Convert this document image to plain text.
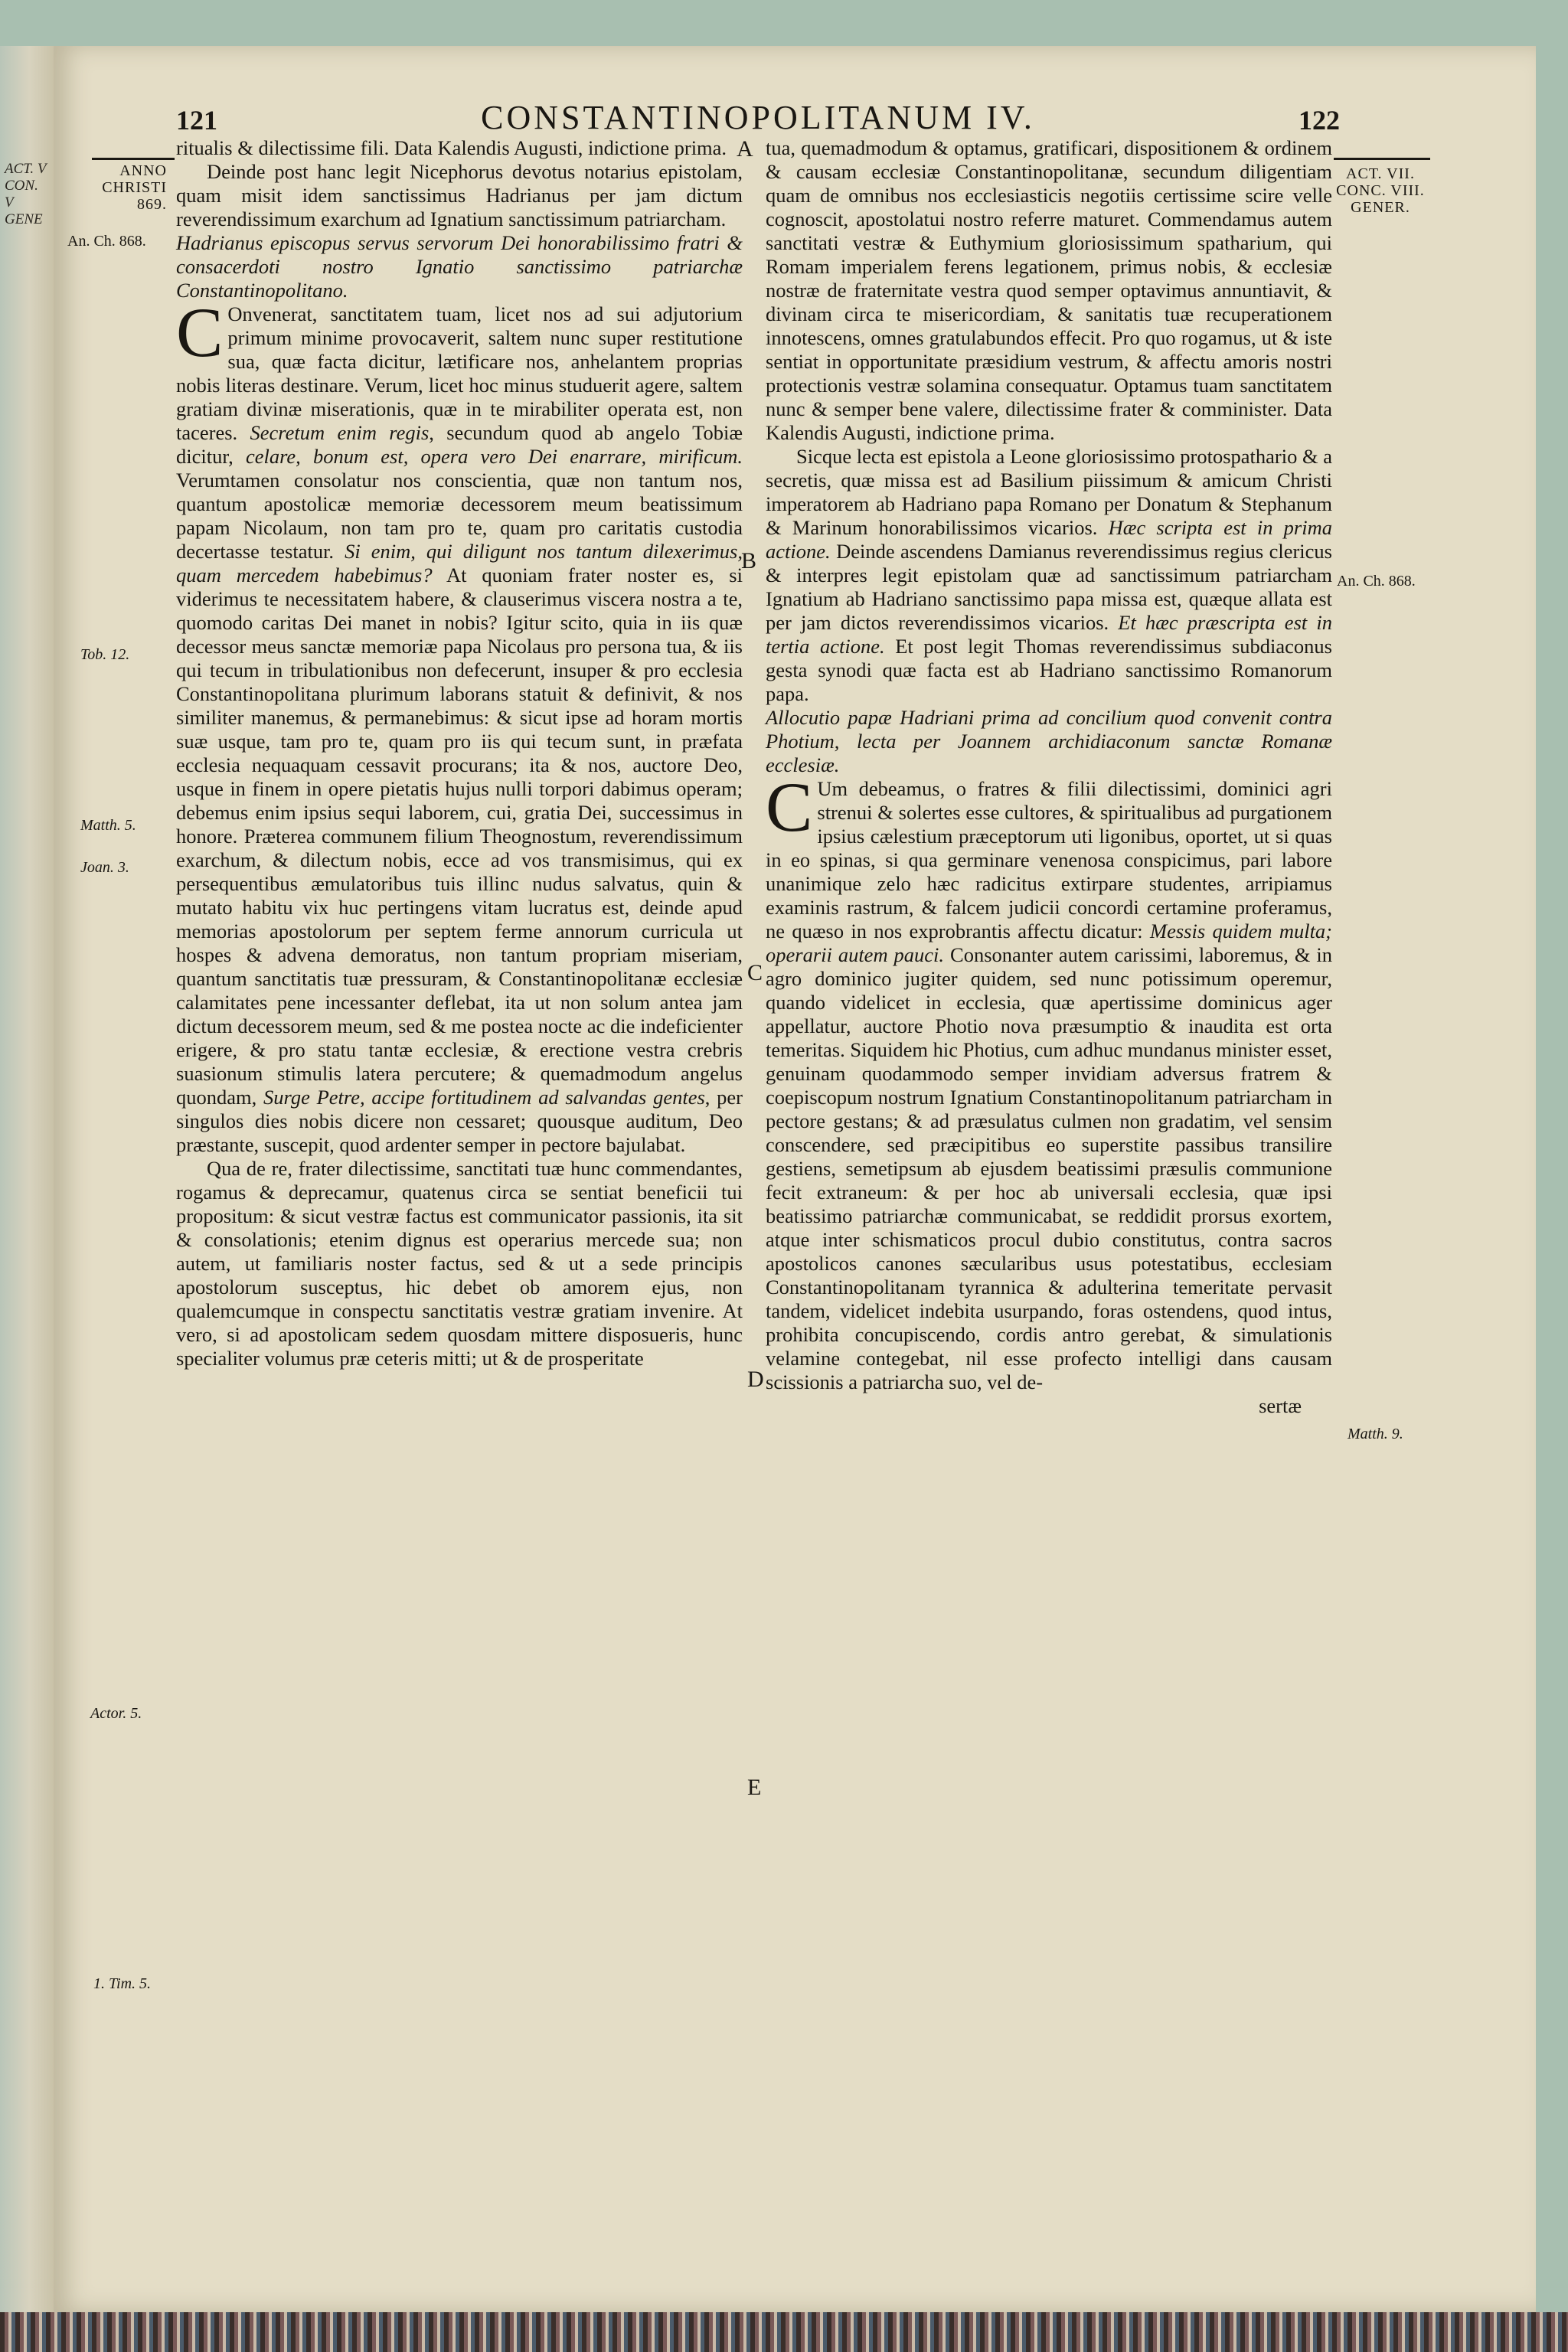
ACT. V
CON. V
GENE
121	CONSTANTINOPOLITANUM IV.	122
ANNO
CHRISTI
869.
An. Ch. 868.
Tob. 12.
Matth. 5.
Joan. 3.
Actor. 5.
1. Tim. 5.
ACT. VII.
CONC. VIII.
GENER.
An. Ch. 868.
Matth. 9.
A
B
C
D
E

ritualis & dilectissime fili. Data Kalendis Augusti, indictione prima.

Deinde post hanc legit Nicephorus devotus notarius epistolam, quam misit idem sanctissimus Hadrianus per jam dictum reverendissimum exarchum ad Ignatium sanctissimum patriarcham.

Hadrianus episcopus servus servorum Dei honorabilissimo fratri & consacerdoti nostro Ignatio sanctissimo patriarchæ Constantinopolitano.

C Onvenerat, sanctitatem tuam, licet nos ad sui adjutorium primum minime provocaverit, saltem nunc super restitutione sua, quæ facta dicitur, lætificare nos, anhelantem proprias nobis literas destinare. Verum, licet hoc minus studuerit agere, saltem gratiam divinæ miserationis, quæ in te mirabiliter operata est, non taceres. Secretum enim regis, secundum quod ab angelo Tobiæ dicitur, celare, bonum est, opera vero Dei enarrare, mirificum. Verumtamen consolatur nos conscientia, quæ non tantum nos, quantum apostolicæ memoriæ decessorem meum beatissimum papam Nicolaum, non tam pro te, quam pro caritatis custodia decertasse testatur. Si enim, qui diligunt nos tantum dilexerimus, quam mercedem habebimus? At quoniam frater noster es, si viderimus te necessitatem habere, & clauserimus viscera nostra a te, quomodo caritas Dei manet in nobis? Igitur scito, quia in iis quæ decessor meus sanctæ memoriæ papa Nicolaus pro persona tua, & iis qui tecum in tribulationibus non defecerunt, insuper & pro ecclesia Constantinopolitana plurimum laborans statuit & definivit, & nos similiter manemus, & permanebimus: & sicut ipse ad horam mortis suæ usque, tam pro te, quam pro iis qui tecum sunt, in præfata ecclesia nequaquam cessavit procurans; ita & nos, auctore Deo, usque in finem in opere pietatis hujus nulli torpori dabimus operam; debemus enim ipsius sequi laborem, cui, gratia Dei, successimus in honore. Præterea communem filium Theognostum, reverendissimum exarchum, & dilectum nobis, ecce ad vos transmisimus, qui ex persequentibus æmulatoribus tuis illinc nudus salvatus, quin & mutato habitu vix huc pertingens vitam lucratus est, deinde apud memorias apostolorum per septem ferme annorum curricula ut hospes & advena demoratus, non tantum propriam miseriam, quantum sanctitatis tuæ pressuram, & Constantinopolitanæ ecclesiæ calamitates pene incessanter deflebat, ita ut non solum antea jam dictum decessorem meum, sed & me postea nocte ac die indeficienter erigere, & pro statu tantæ ecclesiæ, & erectione vestra crebris suasionum stimulis latera percutere; & quemadmodum angelus quondam, Surge Petre, accipe fortitudinem ad salvandas gentes, per singulos dies nobis dicere non cessaret; quousque auditum, Deo præstante, suscepit, quod ardenter semper in pectore bajulabat.

Qua de re, frater dilectissime, sanctitati tuæ hunc commendantes, rogamus & deprecamur, quatenus circa se sentiat beneficii tui propositum: & sicut vestræ factus est communicator passionis, ita sit & consolationis; etenim dignus est operarius mercede sua; non autem, ut familiaris noster factus, sed & ut a sede principis apostolorum susceptus, hic debet ob amorem ejus, non qualemcumque in conspectu sanctitatis vestræ gratiam invenire. At vero, si ad apostolicam sedem quosdam mittere disposueris, hunc specialiter volumus præ ceteris mitti; ut & de prosperitate

tua, quemadmodum & optamus, gratificari, dispositionem & ordinem & causam ecclesiæ Constantinopolitanæ, secundum diligentiam quam de omnibus nos ecclesiasticis negotiis certissime scire velle cognoscit, apostolatui nostro referre maturet. Commendamus autem sanctitati vestræ & Euthymium gloriosissimum spatharium, qui Romam imperialem ferens legationem, primus nobis, & ecclesiæ nostræ de fraternitate vestra quod semper optavimus annuntiavit, & divinam circa te misericordiam, & sanitatis tuæ recuperationem innotescens, omnes gratulabundos effecit. Pro quo rogamus, ut & iste sentiat in opportunitate præsidium vestrum, & affectu amoris nostri protectionis vestræ solamina consequatur. Optamus tuam sanctitatem nunc & semper bene valere, dilectissime frater & comminister. Data Kalendis Augusti, indictione prima.

Sicque lecta est epistola a Leone gloriosissimo protospathario & a secretis, quæ missa est ad Basilium piissimum & amicum Christi imperatorem ab Hadriano papa Romano per Donatum & Stephanum & Marinum honorabilissimos vicarios. Hæc scripta est in prima actione. Deinde ascendens Damianus reverendissimus regius clericus & interpres legit epistolam quæ ad sanctissimum patriarcham Ignatium ab Hadriano sanctissimo papa missa est, quæque allata est per jam dictos reverendissimos vicarios. Et hæc præscripta est in tertia actione. Et post legit Thomas reverendissimus subdiaconus gesta synodi quæ facta est ab Hadriano sanctissimo Romanorum papa.

Allocutio papæ Hadriani prima ad concilium quod convenit contra Photium, lecta per Joannem archidiaconum sanctæ Romanæ ecclesiæ.

C Um debeamus, o fratres & filii dilectissimi, dominici agri strenui & solertes esse cultores, & spiritualibus ad purgationem ipsius cælestium præceptorum uti ligonibus, oportet, ut si quas in eo spinas, si qua germinare venenosa conspicimus, pari labore unanimique zelo hæc radicitus extirpare studentes, arripiamus examinis rastrum, & falcem judicii concordi certamine proferamus, ne quæso in nos exprobrantis affectu dicatur: Messis quidem multa; operarii autem pauci. Consonanter autem carissimi, laboremus, & in agro dominico jugiter quidem, sed nunc potissimum operemur, quando videlicet in ecclesia, quæ apertissime dominicus ager appellatur, auctore Photio nova præsumptio & inaudita est orta temeritas. Siquidem hic Photius, cum adhuc mundanus minister esset, genuinam quodammodo semper invidiam adversus fratrem & coepiscopum nostrum Ignatium Constantinopolitanum patriarcham in pectore gestans; & ad præsulatus culmen non gradatim, vel sensim conscendere, sed præcipitibus eo superstite passibus transilire gestiens, semetipsum ab ejusdem beatissimi præsulis communione fecit extraneum: & per hoc ab universali ecclesia, quæ ipsi beatissimo patriarchæ communicabat, se reddidit prorsus exortem, atque inter schismaticos procul dubio constitutus, contra sacros apostolicos canones sæcularibus usus potestatibus, ecclesiam Constantinopolitanam tyrannica & adulterina temeritate pervasit tandem, videlicet indebita usurpando, foras ostendens, quod intus, prohibita concupiscendo, cordis antro gerebat, & simulationis velamine contegebat, nil esse profecto intelligi dans causam scissionis a patriarcha suo, vel de-

sertæ
